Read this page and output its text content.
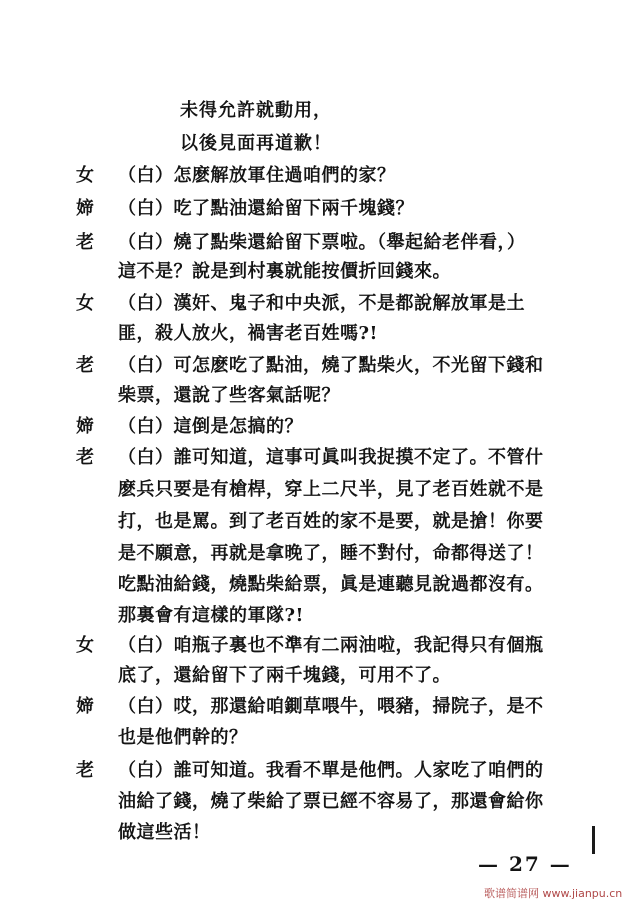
未得允許就動用，
以後見面再道歉！
女 （白）怎麽解放軍住過咱們的家？
媂 （白）吃了點油還給留下兩千塊錢？
老 （白）燒了點柴還給留下票啦。（舉起給老伴看，）
這不是？說是到村裏就能按價折回錢來。
女 （白）漢奸、鬼子和中央派，不是都說解放軍是土
匪，殺人放火，禍害老百姓嗎?!
老 （白）可怎麽吃了點油，燒了點柴火，不光留下錢和
柴票，還說了些客氣話呢？
媂 （白）這倒是怎搞的？
老 （白）誰可知道，這事可眞叫我捉摸不定了。不管什
麽兵只要是有槍桿，穿上二尺半，見了老百姓就不是
打，也是罵。到了老百姓的家不是要，就是搶！你要
是不願意，再就是拿晚了，睡不對付，命都得送了！
吃點油給錢，燒點柴給票，眞是連聽見說過都沒有。
那裏會有這樣的軍隊?!
女 （白）咱瓶子裏也不準有二兩油啦，我記得只有個瓶
底了，還給留下了兩千塊錢，可用不了。
媂 （白）哎，那還給咱鍘草喂牛，喂豬，掃院子，是不
也是他們幹的？
老 （白）誰可知道。我看不單是他們。人家吃了咱們的
油給了錢，燒了柴給了票已經不容易了，那還會給你
做這些活！
— 27 —
歌谱简谱网 www.jianpu.cn
